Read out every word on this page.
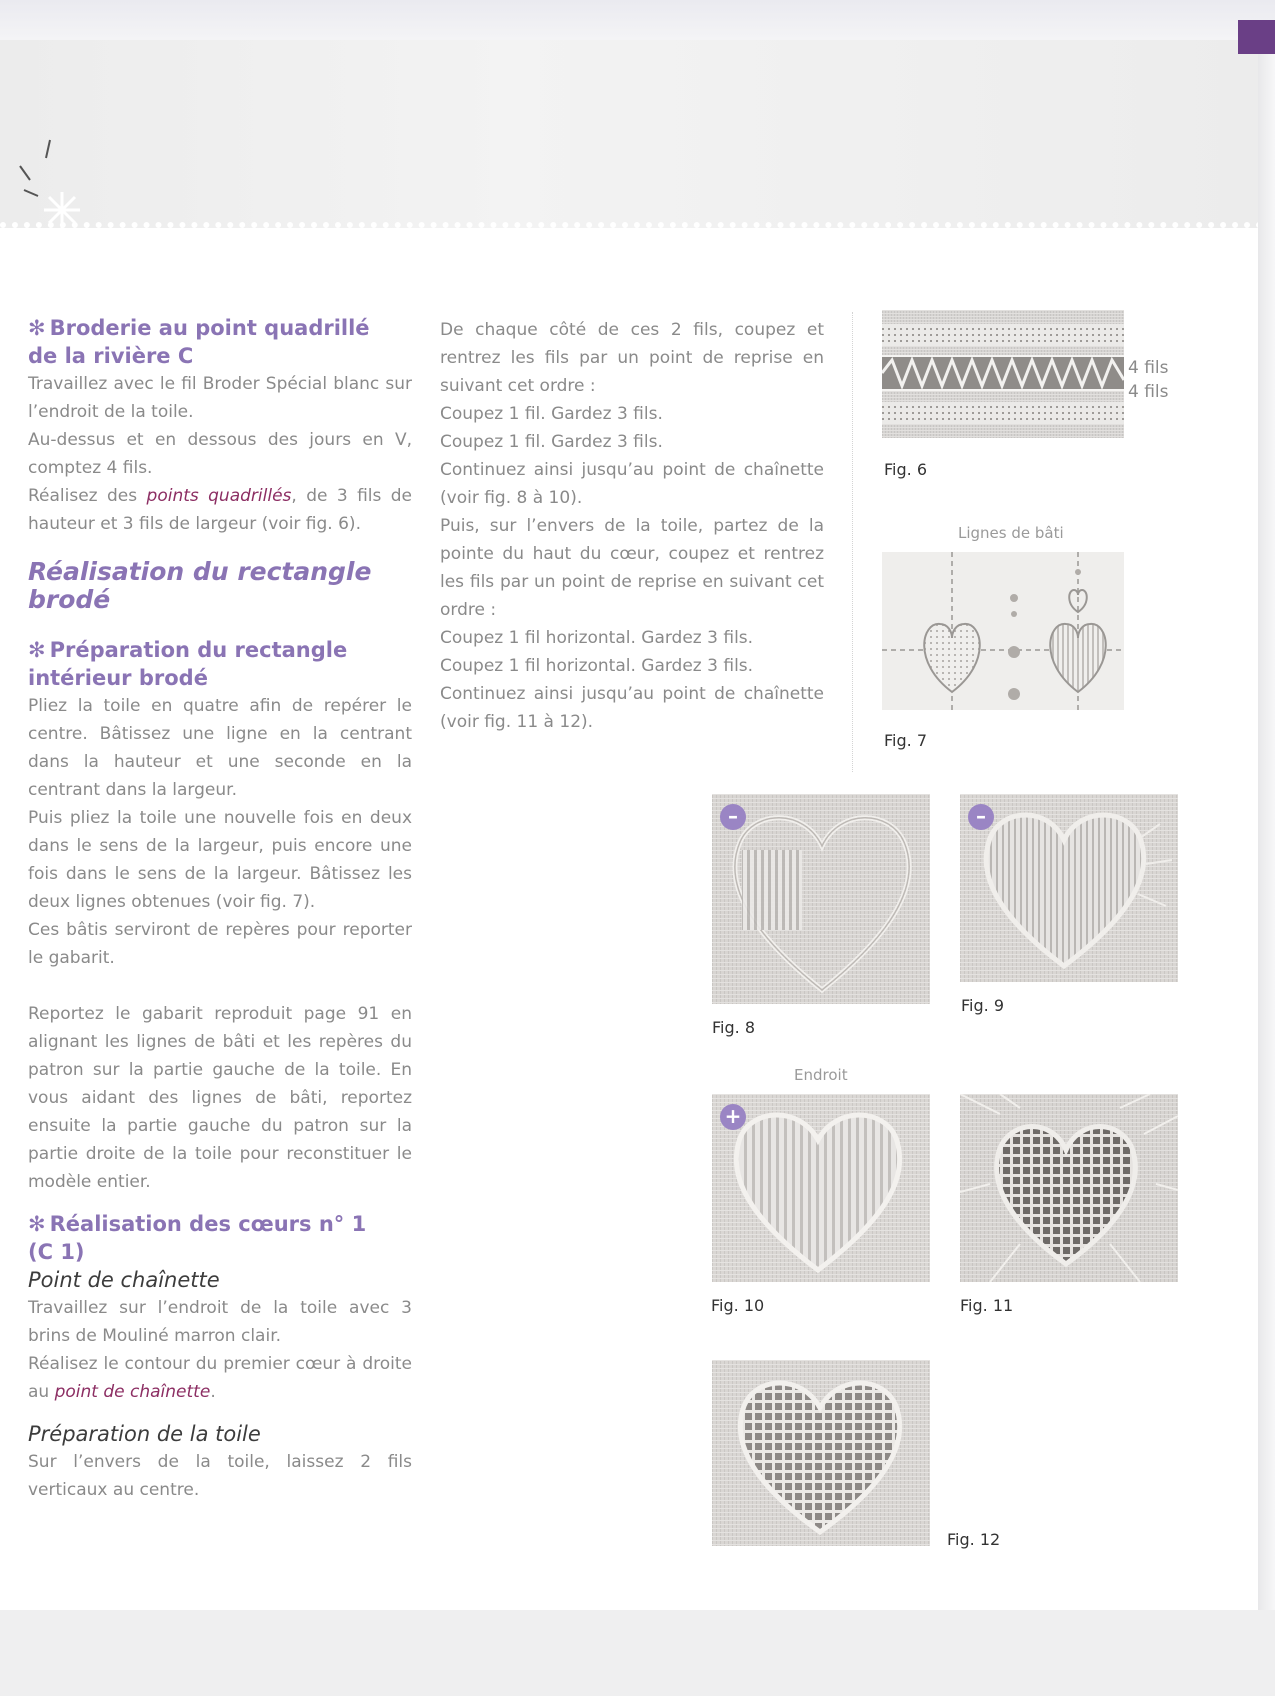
✻ Broderie au point quadrillé
de la rivière C

Travaillez avec le fil Broder Spécial blanc sur l’endroit de la toile.

Au-dessus et en dessous des jours en V, comptez 4 fils.

Réalisez des points quadrillés, de 3 fils de hauteur et 3 fils de largeur (voir fig. 6).

Réalisation du rectangle
brodé
✻ Préparation du rectangle
intérieur brodé

Pliez la toile en quatre afin de repérer le centre. Bâtissez une ligne en la centrant dans la hauteur et une seconde en la centrant dans la largeur.

Puis pliez la toile une nouvelle fois en deux dans le sens de la largeur, puis encore une fois dans le sens de la largeur. Bâtissez les deux lignes obtenues (voir fig. 7).

Ces bâtis serviront de repères pour reporter le gabarit.

Reportez le gabarit reproduit page 91 en alignant les lignes de bâti et les repères du patron sur la partie gauche de la toile. En vous aidant des lignes de bâti, reportez ensuite la partie gauche du patron sur la partie droite de la toile pour reconstituer le modèle entier.

✻ Réalisation des cœurs n° 1
(C 1)
Point de chaînette

Travaillez sur l’endroit de la toile avec 3 brins de Mouliné marron clair.

Réalisez le contour du premier cœur à droite au point de chaînette.

Préparation de la toile

Sur l’envers de la toile, laissez 2 fils verticaux au centre.

De chaque côté de ces 2 fils, coupez et rentrez les fils par un point de reprise en suivant cet ordre :

Coupez 1 fil. Gardez 3 fils.

Coupez 1 fil. Gardez 3 fils.

Continuez ainsi jusqu’au point de chaînette (voir fig. 8 à 10).

Puis, sur l’envers de la toile, partez de la pointe du haut du cœur, coupez et rentrez les fils par un point de reprise en suivant cet ordre :

Coupez 1 fil horizontal. Gardez 3 fils.

Coupez 1 fil horizontal. Gardez 3 fils.

Continuez ainsi jusqu’au point de chaînette (voir fig. 11 à 12).

4 fils
4 fils
Fig. 6
Lignes de bâti
Fig. 7
–
Fig. 8
–
Fig. 9
Endroit
+
Fig. 10	Fig. 11
Fig. 12
